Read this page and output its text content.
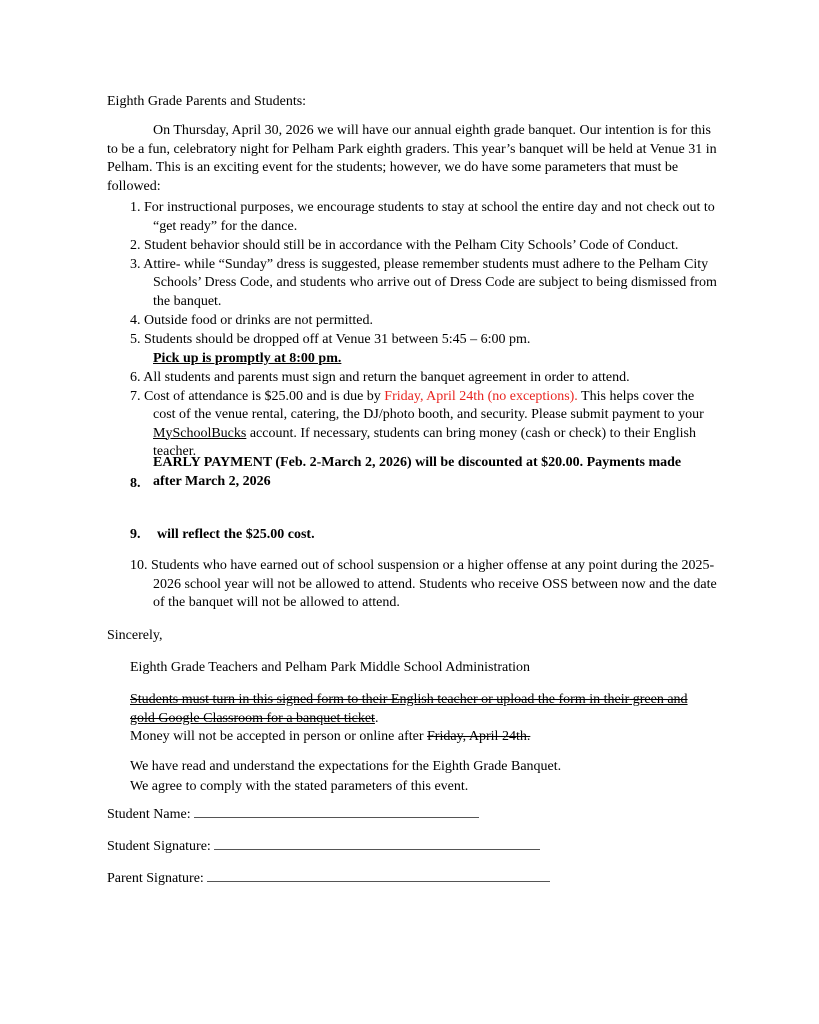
Eighth Grade Parents and Students:
On Thursday, April 30, 2026 we will have our annual eighth grade banquet. Our intention is for this to be a fun, celebratory night for Pelham Park eighth graders. This year’s banquet will be held at Venue 31 in Pelham. This is an exciting event for the students; however, we do have some parameters that must be followed:
1. For instructional purposes, we encourage students to stay at school the entire day and not check out to “get ready” for the dance.
2. Student behavior should still be in accordance with the Pelham City Schools’ Code of Conduct.
3. Attire- while “Sunday” dress is suggested, please remember students must adhere to the Pelham City Schools’ Dress Code, and students who arrive out of Dress Code are subject to being dismissed from the banquet.
4. Outside food or drinks are not permitted.
5. Students should be dropped off at Venue 31 between 5:45 – 6:00 pm.
Pick up is promptly at 8:00 pm.
6. All students and parents must sign and return the banquet agreement in order to attend.
7. Cost of attendance is $25.00 and is due by Friday, April 24th (no exceptions). This helps cover the cost of the venue rental, catering, the DJ/photo booth, and security. Please submit payment to your MySchoolBucks account. If necessary, students can bring money (cash or check) to their English teacher.
8.
EARLY PAYMENT (Feb. 2-March 2, 2026) will be discounted at $20.00. Payments made after March 2, 2026
9. will reflect the $25.00 cost.
10. Students who have earned out of school suspension or a higher offense at any point during the 2025-2026 school year will not be allowed to attend. Students who receive OSS between now and the date of the banquet will not be allowed to attend.
Sincerely,
Eighth Grade Teachers and Pelham Park Middle School Administration
Students must turn in this signed form to their English teacher or upload the form in their green and gold Google Classroom for a banquet ticket.
Money will not be accepted in person or online after Friday, April 24th.
We have read and understand the expectations for the Eighth Grade Banquet.
We agree to comply with the stated parameters of this event.
Student Name:
Student Signature:
Parent Signature:
